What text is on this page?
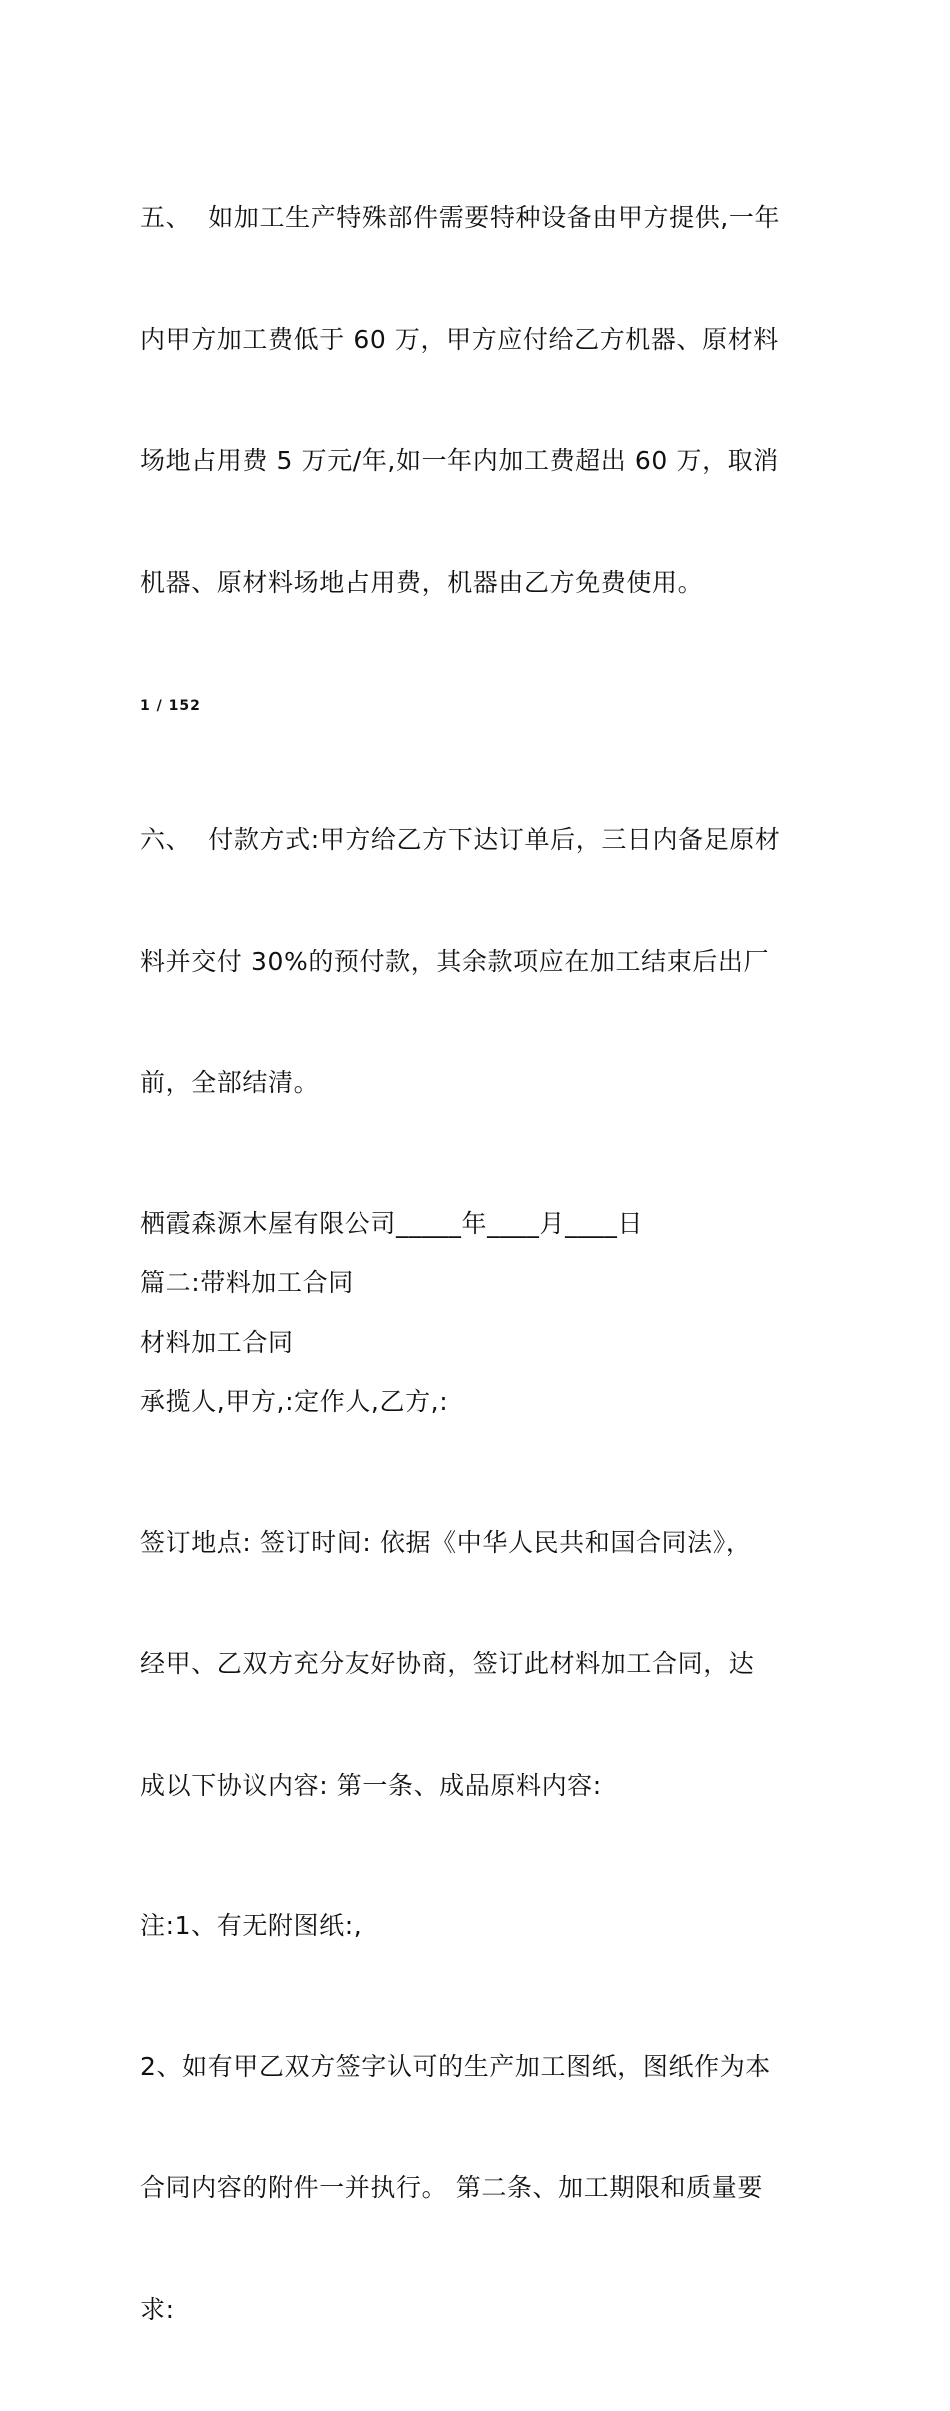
五、  如加工生产特殊部件需要特种设备由甲方提供,一年

内甲方加工费低于 60 万，甲方应付给乙方机器、原材料

场地占用费 5 万元/年,如一年内加工费超出 60 万，取消

机器、原材料场地占用费，机器由乙方免费使用。

1 / 152

六、  付款方式:甲方给乙方下达订单后，三日内备足原材

料并交付 30%的预付款，其余款项应在加工结束后出厂

前，全部结清。

栖霞森源木屋有限公司_____年____月____日

篇二:带料加工合同

材料加工合同

承揽人,甲方,:定作人,乙方,:

签订地点: 签订时间: 依据《中华人民共和国合同法》，

经甲、乙双方充分友好协商，签订此材料加工合同，达

成以下协议内容: 第一条、成品原料内容:

注:1、有无附图纸:,

2、如有甲乙双方签字认可的生产加工图纸，图纸作为本

合同内容的附件一并执行。 第二条、加工期限和质量要

求:
